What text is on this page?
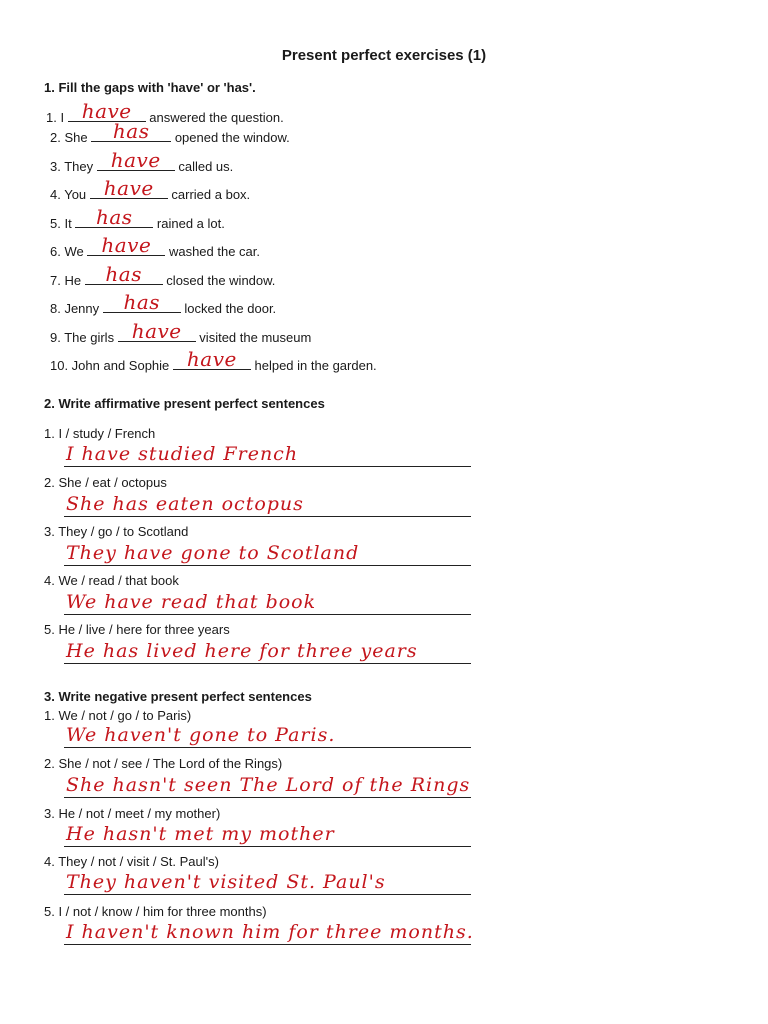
Present perfect exercises (1)

1. Fill the gaps with 'have' or 'has'.

1. I have	answered the question.
2. She	has	opened the window.
3. They have	called us.
4. You have	carried a box.
5. It	has	rained a lot.
6. We have	washed the car.
7. He	has	closed the window.
8. Jenny	has	locked the door.
9. The girls have	visited the museum
10. John and Sophie have	helped in the garden.

2. Write affirmative present perfect sentences

1. I / study / French
I have studied French
2. She / eat / octopus
She has eaten octopus
3. They / go / to Scotland
They have gone to Scotland
4. We / read / that book
We have read that book
5. He / live / here for three years
He has lived here for three years

3. Write negative present perfect sentences

1. We / not / go / to Paris)
We haven't gone to Paris.
2. She / not / see / The Lord of the Rings)
She hasn't seen The Lord of the Rings
3. He / not / meet / my mother)
He hasn't met my mother
4. They / not / visit / St. Paul's)
They haven't visited St. Paul's
5. I / not / know / him for three months)
I haven't known him for three months.
